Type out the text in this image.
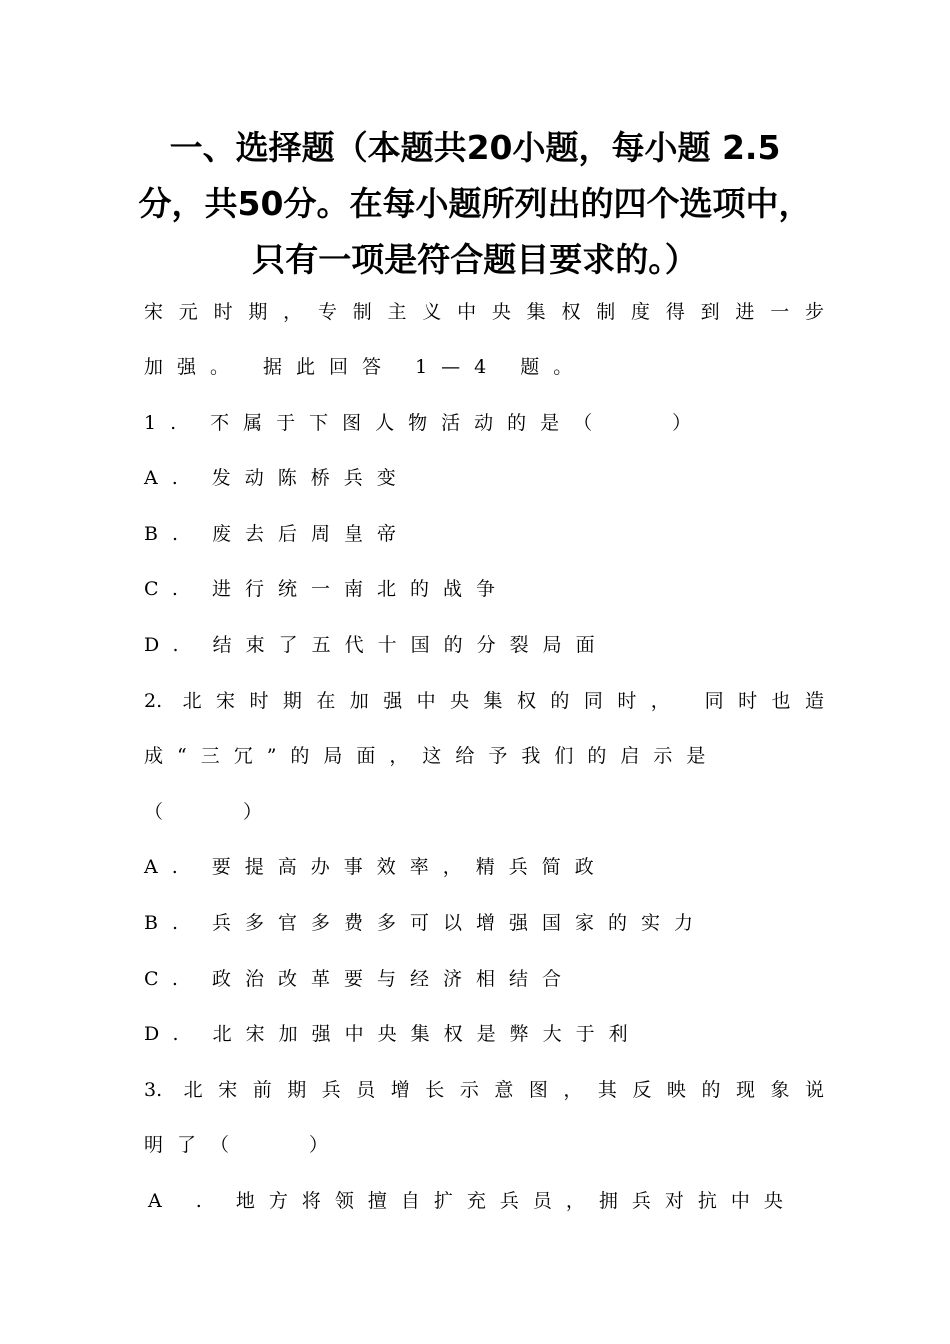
一、选择题（本题共20小题，每小题 2.5
分，共50分。在每小题所列出的四个选项中，
只有一项是符合题目要求的。）
宋元时期，专制主义中央集权制度得到进一步
加强。 据此回答 1—4 题。
1. 不属于下图人物活动的是（　　）
A. 发动陈桥兵变
B. 废去后周皇帝
C. 进行统一南北的战争
D. 结束了五代十国的分裂局面
2. 北宋时期在加强中央集权的同时， 同时也造
成“三冗”的局面，这给予我们的启示是
（　　）
A. 要提高办事效率，精兵简政
B. 兵多官多费多可以增强国家的实力
C. 政治改革要与经济相结合
D. 北宋加强中央集权是弊大于利
3. 北宋前期兵员增长示意图，其反映的现象说
明了（　　）
A . 地方将领擅自扩充兵员，拥兵对抗中央
